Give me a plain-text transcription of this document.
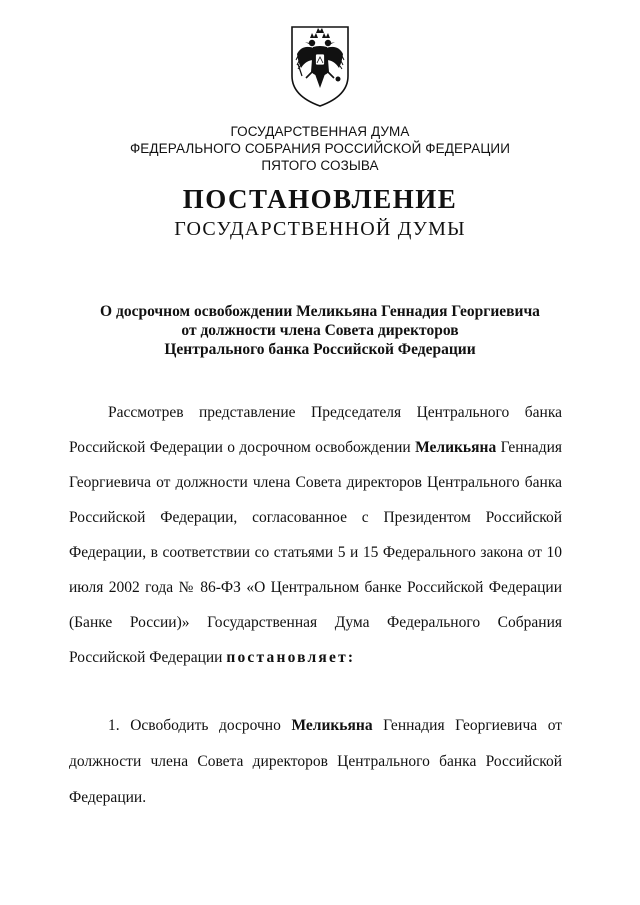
ГОСУДАРСТВЕННАЯ ДУМА
ФЕДЕРАЛЬНОГО СОБРАНИЯ РОССИЙСКОЙ ФЕДЕРАЦИИ
ПЯТОГО СОЗЫВА
ПОСТАНОВЛЕНИЕ
ГОСУДАРСТВЕННОЙ ДУМЫ
О досрочном освобождении Меликьяна Геннадия Георгиевича
от должности члена Совета директоров
Центрального банка Российской Федерации
Рассмотрев представление Председателя Центрального банка
Российской Федерации о досрочном освобождении Меликьяна Геннадия
Георгиевича от должности члена Совета директоров Центрального банка
Российской Федерации, согласованное с Президентом Российской
Федерации, в соответствии со статьями 5 и 15 Федерального закона от 10
июля 2002 года № 86-ФЗ «О Центральном банке Российской Федерации
(Банке России)» Государственная Дума Федерального Собрания
Российской Федерации постановляет:
1. Освободить досрочно Меликьяна Геннадия Георгиевича от
должности члена Совета директоров Центрального банка Российской
Федерации.
